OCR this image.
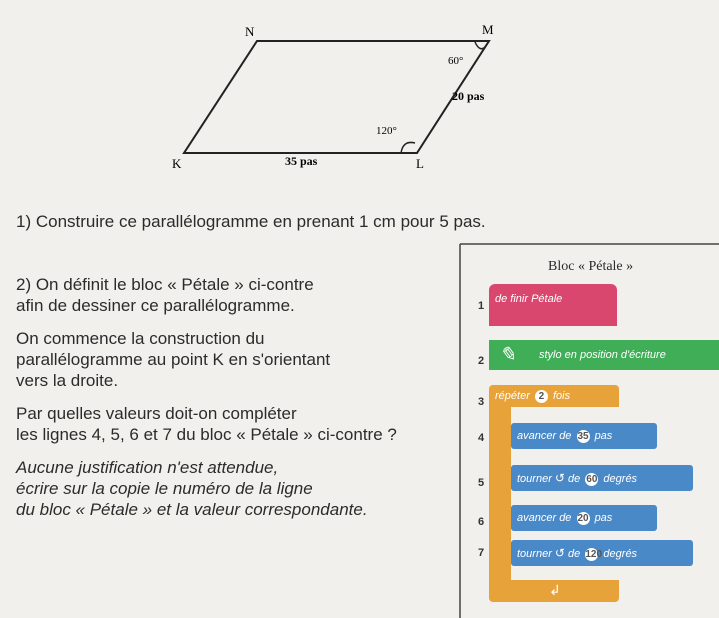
N	M
K	L
60°
120°
20 pas
35 pas
1) Construire ce parallélogramme en prenant 1 cm pour 5 pas.

2) On définit le bloc « Pétale » ci-contre
afin de dessiner ce parallélogramme.

On commence la construction du
parallélogramme au point K en s'orientant
vers la droite.

Par quelles valeurs doit-on compléter
les lignes 4, 5, 6 et 7 du bloc « Pétale » ci-contre ?

Aucune justification n'est attendue,
écrire sur la copie le numéro de la ligne
du bloc « Pétale » et la valeur correspondante.

Bloc « Pétale »
1
2
3
4
5
6
7
de finir Pétale
✎ stylo en position d'écriture
répéter 2 fois
↲
avancer de 35 pas
tourner ↺ de 60 degrés
avancer de 20 pas
tourner ↺ de 120 degrés
